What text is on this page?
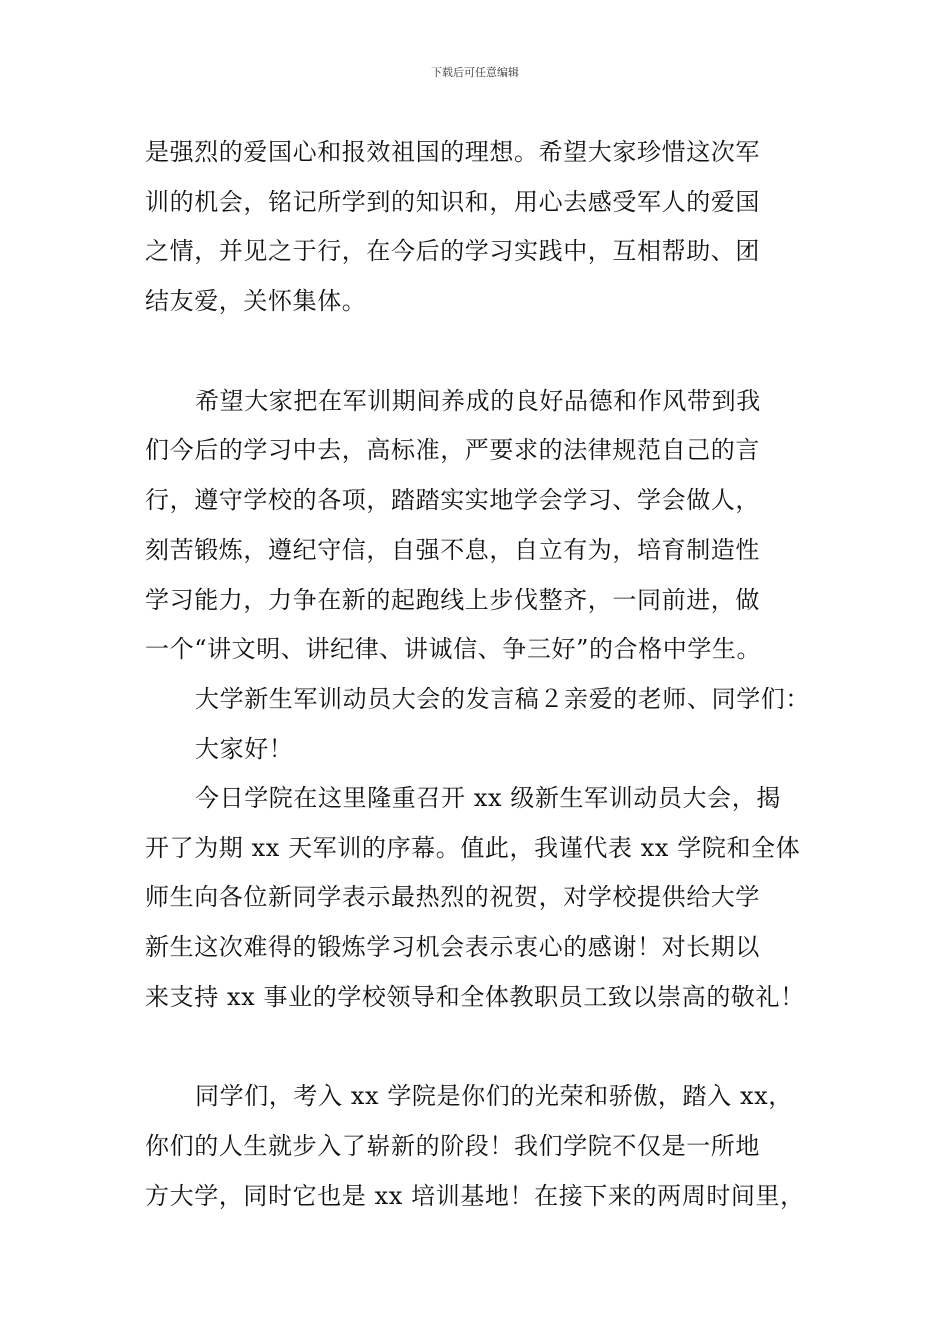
下载后可任意编辑
是强烈的爱国心和报效祖国的理想。希望大家珍惜这次军
训的机会，铭记所学到的知识和，用心去感受军人的爱国
之情，并见之于行，在今后的学习实践中，互相帮助、团
结友爱，关怀集体。
希望大家把在军训期间养成的良好品德和作风带到我
们今后的学习中去，高标准，严要求的法律规范自己的言
行，遵守学校的各项，踏踏实实地学会学习、学会做人，
刻苦锻炼，遵纪守信，自强不息，自立有为，培育制造性
学习能力，力争在新的起跑线上步伐整齐，一同前进，做
一个“讲文明、讲纪律、讲诚信、争三好”的合格中学生。
大学新生军训动员大会的发言稿２亲爱的老师、同学们：
大家好！
今日学院在这里隆重召开 xx 级新生军训动员大会，揭
开了为期 xx 天军训的序幕。值此，我谨代表 xx 学院和全体
师生向各位新同学表示最热烈的祝贺，对学校提供给大学
新生这次难得的锻炼学习机会表示衷心的感谢！对长期以
来支持 xx 事业的学校领导和全体教职员工致以崇高的敬礼！
同学们，考入 xx 学院是你们的光荣和骄傲，踏入 xx，
你们的人生就步入了崭新的阶段！我们学院不仅是一所地
方大学，同时它也是 xx 培训基地！在接下来的两周时间里，
